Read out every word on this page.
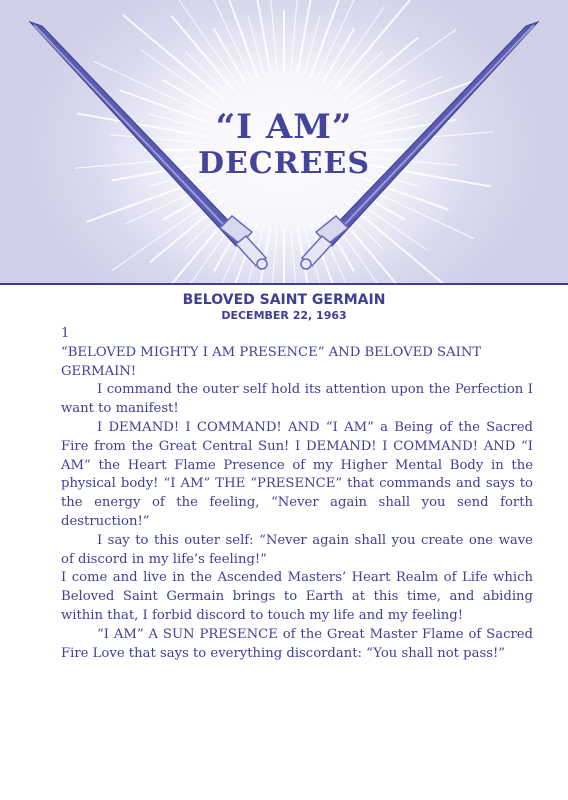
“I AM”
DECREES
BELOVED SAINT GERMAIN
DECEMBER 22, 1963

1

“BELOVED MIGHTY I AM PRESENCE” AND BELOVED SAINT GERMAIN!

I command the outer self hold its attention upon the Perfection I want to manifest!

I DEMAND! I COMMAND! AND “I AM” a Being of the Sacred Fire from the Great Central Sun! I DEMAND! I COMMAND! AND “I AM” the Heart Flame Presence of my Higher Mental Body in the physical body! “I AM” THE “PRESENCE” that commands and says to the energy of the feeling, “Never again shall you send forth destruction!”

I say to this outer self: “Never again shall you create one wave of discord in my life’s feeling!”

I come and live in the Ascended Masters’ Heart Realm of Life which Beloved Saint Germain brings to Earth at this time, and abiding within that, I forbid discord to touch my life and my feeling!

“I AM” A SUN PRESENCE of the Great Master Flame of Sacred Fire Love that says to everything discordant: “You shall not pass!”
